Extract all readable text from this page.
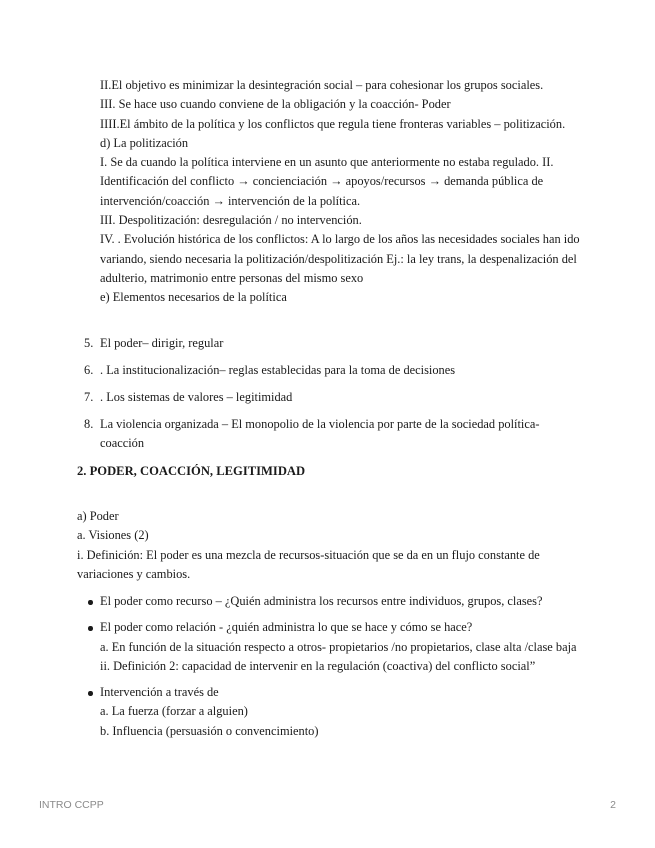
II.El objetivo es minimizar la desintegración social – para cohesionar los grupos sociales.

III. Se hace uso cuando conviene de la obligación y la coacción- Poder

IIII.El ámbito de la política y los conflictos que regula tiene fronteras variables – politización.

d) La politización

I. Se da cuando la política interviene en un asunto que anteriormente no estaba regulado. II. Identificación del conflicto → concienciación → apoyos/recursos → demanda pública de intervención/coacción → intervención de la política.

III. Despolitización: desregulación / no intervención.

IV. . Evolución histórica de los conflictos: A lo largo de los años las necesidades sociales han ido variando, siendo necesaria la politización/despolitización Ej.: la ley trans, la despenalización del adulterio, matrimonio entre personas del mismo sexo

e) Elementos necesarios de la política

5. El poder– dirigir, regular
6. . La institucionalización– reglas establecidas para la toma de decisiones
7. . Los sistemas de valores – legitimidad
8. La violencia organizada – El monopolio de la violencia por parte de la sociedad política- coacción
2. PODER, COACCIÓN, LEGITIMIDAD

a) Poder

a. Visiones (2)

i. Definición: El poder es una mezcla de recursos-situación que se da en un flujo constante de variaciones y cambios.

El poder como recurso – ¿Quién administra los recursos entre individuos, grupos, clases?
El poder como relación - ¿quién administra lo que se hace y cómo se hace?
a. En función de la situación respecto a otros- propietarios /no propietarios, clase alta /clase baja
ii. Definición 2: capacidad de intervenir en la regulación (coactiva) del conflicto social”
Intervención a través de
a. La fuerza (forzar a alguien)
b. Influencia (persuasión o convencimiento)
INTRO CCPP	2
